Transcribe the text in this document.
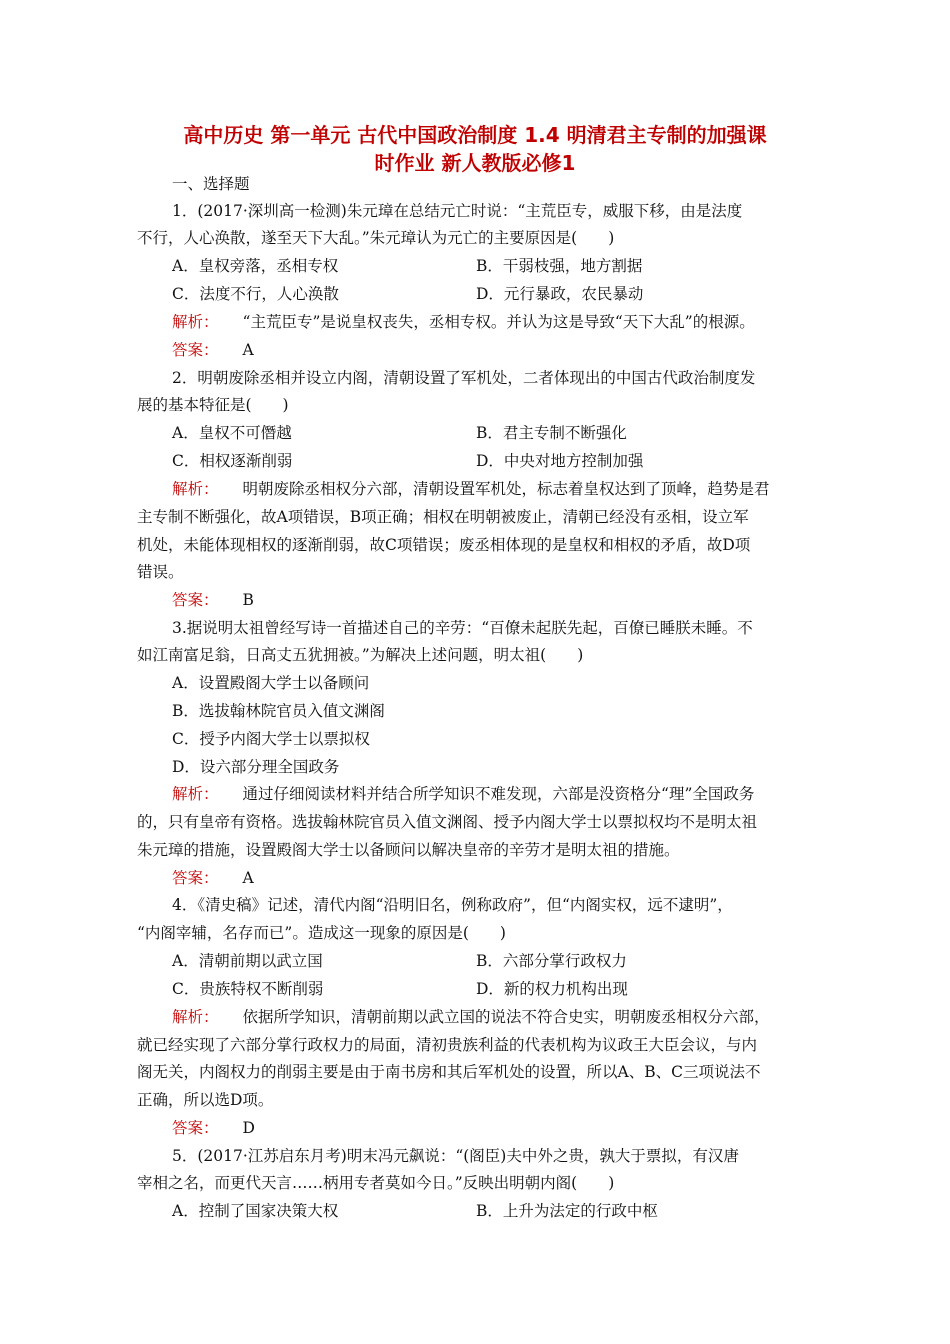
高中历史 第一单元 古代中国政治制度 1.4 明清君主专制的加强课
时作业 新人教版必修1
一、选择题
1．(2017·深圳高一检测)朱元璋在总结元亡时说：“主荒臣专，威服下移，由是法度
不行，人心涣散，遂至天下大乱。”朱元璋认为元亡的主要原因是(　　)
A．皇权旁落，丞相专权	B．干弱枝强，地方割据
C．法度不行，人心涣散	D．元行暴政，农民暴动
解析： “主荒臣专”是说皇权丧失，丞相专权。并认为这是导致“天下大乱”的根源。
答案： A
2．明朝废除丞相并设立内阁，清朝设置了军机处，二者体现出的中国古代政治制度发
展的基本特征是(　　)
A．皇权不可僭越	B．君主专制不断强化
C．相权逐渐削弱	D．中央对地方控制加强
解析： 明朝废除丞相权分六部，清朝设置军机处，标志着皇权达到了顶峰，趋势是君
主专制不断强化，故A项错误，B项正确；相权在明朝被废止，清朝已经没有丞相，设立军
机处，未能体现相权的逐渐削弱，故C项错误；废丞相体现的是皇权和相权的矛盾，故D项
错误。
答案： B
3.据说明太祖曾经写诗一首描述自己的辛劳：“百僚未起朕先起，百僚已睡朕未睡。不
如江南富足翁，日高丈五犹拥被。”为解决上述问题，明太祖(　　)
A．设置殿阁大学士以备顾问
B．选拔翰林院官员入值文渊阁
C．授予内阁大学士以票拟权
D．设六部分理全国政务
解析： 通过仔细阅读材料并结合所学知识不难发现，六部是没资格分“理”全国政务
的，只有皇帝有资格。选拔翰林院官员入值文渊阁、授予内阁大学士以票拟权均不是明太祖
朱元璋的措施，设置殿阁大学士以备顾问以解决皇帝的辛劳才是明太祖的措施。
答案： A
4．《清史稿》记述，清代内阁“沿明旧名，例称政府”，但“内阁实权，远不逮明”，
“内阁宰辅，名存而已”。造成这一现象的原因是(　　)
A．清朝前期以武立国	B．六部分掌行政权力
C．贵族特权不断削弱	D．新的权力机构出现
解析： 依据所学知识，清朝前期以武立国的说法不符合史实，明朝废丞相权分六部，
就已经实现了六部分掌行政权力的局面，清初贵族利益的代表机构为议政王大臣会议，与内
阁无关，内阁权力的削弱主要是由于南书房和其后军机处的设置，所以A、B、C三项说法不
正确，所以选D项。
答案： D
5．(2017·江苏启东月考)明末冯元飙说：“(阁臣)夫中外之贵，孰大于票拟，有汉唐
宰相之名，而更代天言……柄用专者莫如今日。”反映出明朝内阁(　　)
A．控制了国家决策大权	B．上升为法定的行政中枢
